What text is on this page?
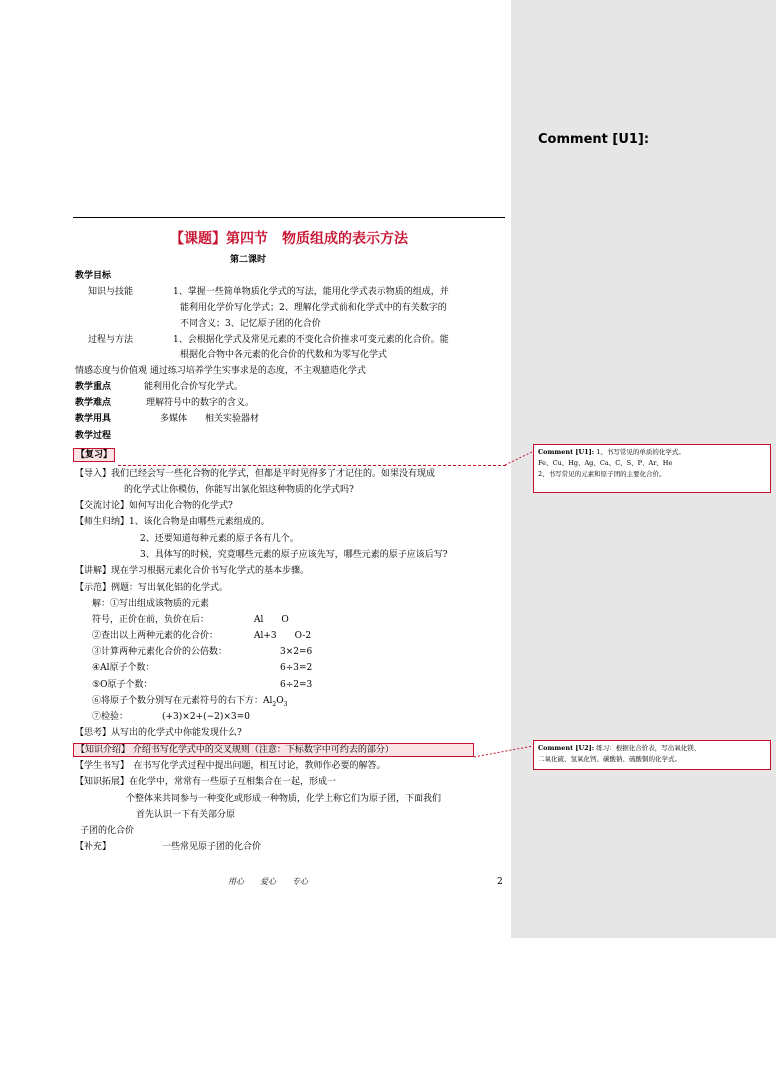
Comment [U1]:
【课题】第四节　物质组成的表示方法
第二课时
教学目标
知识与技能	1、掌握一些简单物质化学式的写法，能用化学式表示物质的组成，并
能利用化学价写化学式；2、理解化学式前和化学式中的有关数字的
不同含义；3、记忆原子团的化合价
过程与方法	1、会根据化学式及常见元素的不变化合价推求可变元素的化合价。能
根据化合物中各元素的化合价的代数和为零写化学式
情感态度与价值观 通过练习培养学生实事求是的态度，不主观臆造化学式
教学重点	能利用化合价写化学式。
教学难点	理解符号中的数字的含义。
教学用具	多媒体　　相关实验器材
教学过程
【复习】
【导入】我们已经会写一些化合物的化学式，但都是平时见得多了才记住的。如果没有现成
的化学式让你模仿，你能写出氯化铝这种物质的化学式吗?
【交流讨论】如何写出化合物的化学式?
【师生归纳】1、该化合物是由哪些元素组成的。
2、还要知道每种元素的原子各有几个。
3、具体写的时候，究竟哪些元素的原子应该先写，哪些元素的原子应该后写?
【讲解】现在学习根据元素化合价书写化学式的基本步骤。
【示范】例题：写出氧化铝的化学式。
解：①写出组成该物质的元素
符号，正价在前，负价在后：	Al　　O
②查出以上两种元素的化合价：	Al+3　　O-2
③计算两种元素化合价的公倍数：	3×2=6
④Al原子个数：	6÷3=2
⑤O原子个数：	6÷2=3
⑥将原子个数分别写在元素符号的右下方：$Al_2O_3$
⑦检验：	(+3)×2+(−2)×3=0
【思考】从写出的化学式中你能发现什么?
【知识介绍】 介绍书写化学式中的交叉规则（注意：下标数字中可约去的部分）
【学生书写】　在书写化学式过程中提出问题，相互讨论，教师作必要的解答。
【知识拓展】在化学中，常常有一些原子互相集合在一起，形成一
个整体来共同参与一种变化或形成一种物质，化学上称它们为原子团，下面我们
首先认识一下有关部分原
子团的化合价
【补充】	一些常见原子团的化合价
用心　　爱心　　专心	2
Comment [U1]: 1、书写常见的单质的化学式。
Fe、Cu、Hg、Ag、Ca、C、S、P、Ar、He
2、书写常见的元素和原子团的主要化合价。
Comment [U2]: 练习：根据化合价表，写出氧化镁、
二氧化硫、氢氧化钙、碳酸钠、硫酸铜的化学式。
